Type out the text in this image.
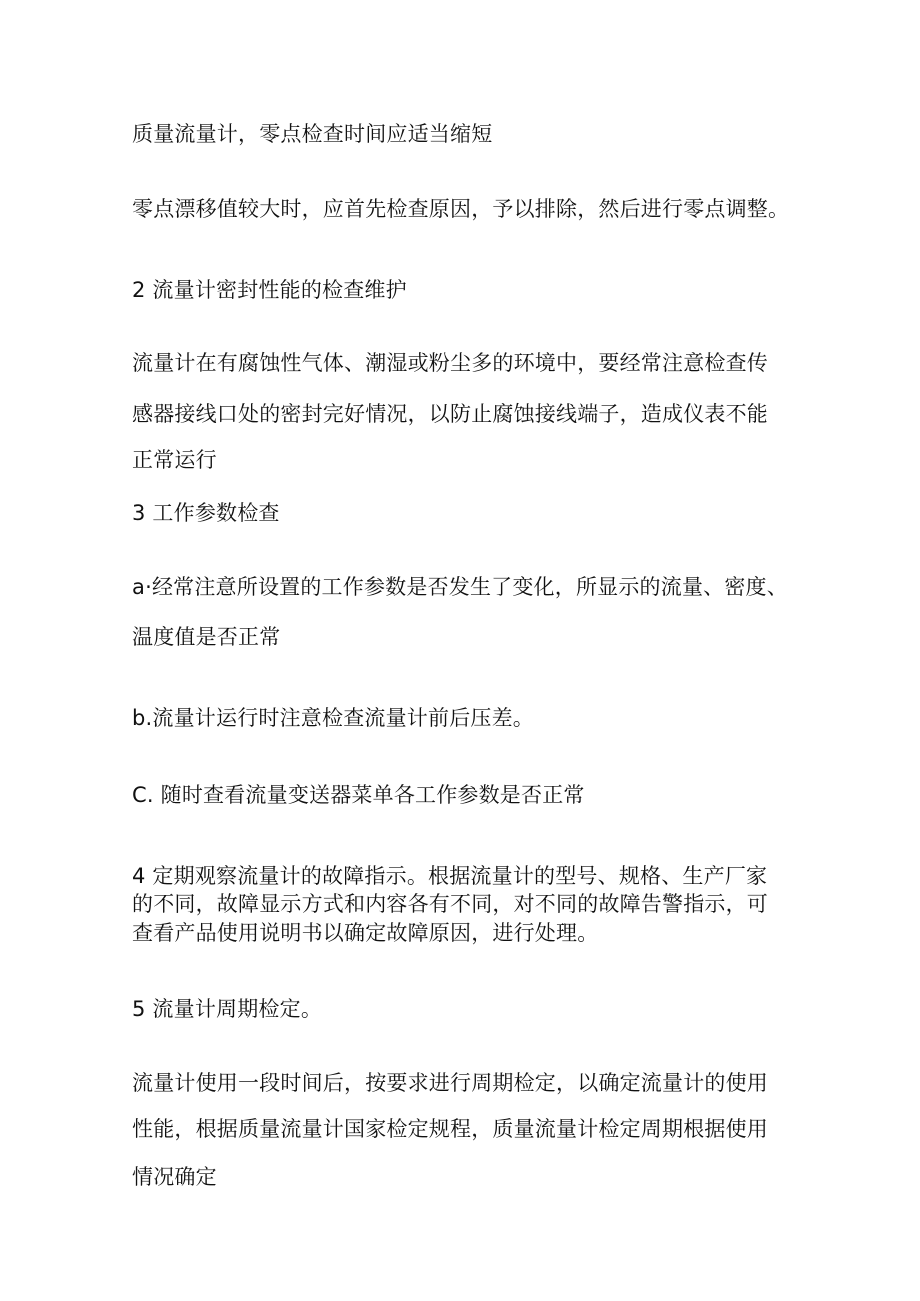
质量流量计，零点检查时间应适当缩短
零点漂移值较大时，应首先检查原因，予以排除，然后进行零点调整。
2 流量计密封性能的检查维护
流量计在有腐蚀性气体、潮湿或粉尘多的环境中，要经常注意检查传
感器接线口处的密封完好情况，以防止腐蚀接线端子，造成仪表不能
正常运行
3 工作参数检查
a·经常注意所设置的工作参数是否发生了变化，所显示的流量、密度、
温度值是否正常
b.流量计运行时注意检查流量计前后压差。
C. 随时查看流量变送器菜单各工作参数是否正常
4 定期观察流量计的故障指示。根据流量计的型号、规格、生产厂家
的不同，故障显示方式和内容各有不同，对不同的故障告警指示，可
查看产品使用说明书以确定故障原因，进行处理。
5 流量计周期检定。
流量计使用一段时间后，按要求进行周期检定，以确定流量计的使用
性能，根据质量流量计国家检定规程，质量流量计检定周期根据使用
情况确定
